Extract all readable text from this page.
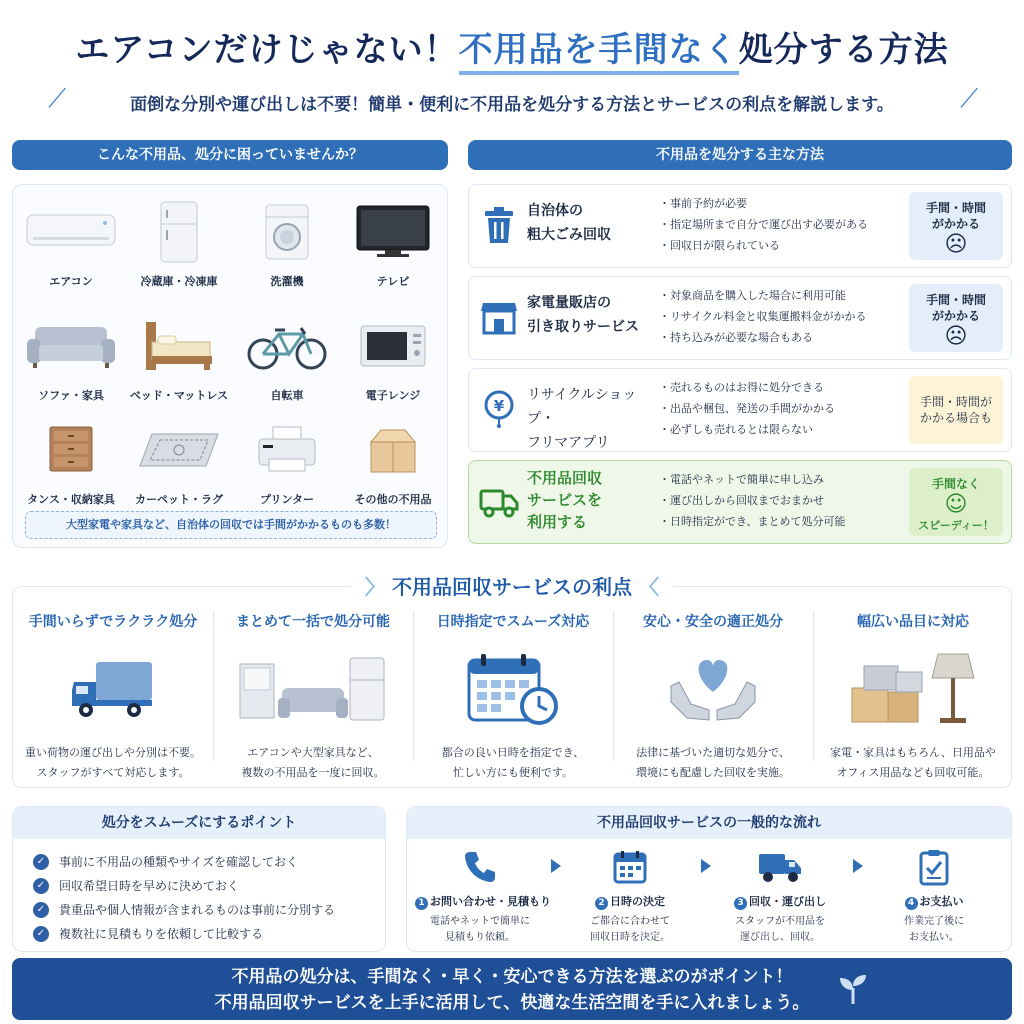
エアコンだけじゃない！不用品を手間なく処分する方法
⟋	⟋
面倒な分別や運び出しは不要！簡単・便利に不用品を処分する方法とサービスの利点を解説します。
こんな不用品、処分に困っていませんか？
エアコン	冷蔵庫・冷凍庫	洗濯機	テレビ
ソファ・家具	ベッド・マットレス	自転車	電子レンジ
タンス・収納家具	カーペット・ラグ	プリンター	その他の不用品
大型家電や家具など、自治体の回収では手間がかかるものも多数！
不用品を処分する主な方法
自治体の
粗大ごみ回収
・事前予約が必要
・指定場所まで自分で運び出す必要がある
・回収日が限られている
手間・時間
がかかる
☹
家電量販店の
引き取りサービス
・対象商品を購入した場合に利用可能
・リサイクル料金と収集運搬料金がかかる
・持ち込みが必要な場合もある
手間・時間
がかかる
☹
¥
リサイクルショップ・
フリマアプリ
・売れるものはお得に処分できる
・出品や梱包、発送の手間がかかる
・必ずしも売れるとは限らない
手間・時間が
かかる場合も
不用品回収
サービスを
利用する
・電話やネットで簡単に申し込み
・運び出しから回収までおまかせ
・日時指定ができ、まとめて処分可能
手間なく
☺
スピーディー！
手間いらずでラクラク処分
重い荷物の運び出しや分別は不要。
スタッフがすべて対応します。
まとめて一括で処分可能
エアコンや大型家具など、
複数の不用品を一度に回収。
日時指定でスムーズ対応
都合の良い日時を指定でき、
忙しい方にも便利です。
安心・安全の適正処分
法律に基づいた適切な処分で、
環境にも配慮した回収を実施。
幅広い品目に対応
家電・家具はもちろん、日用品や
オフィス用品なども回収可能。
〉 不用品回収サービスの利点 〈
処分をスムーズにするポイント
✓	事前に不用品の種類やサイズを確認しておく
✓	回収希望日時を早めに決めておく
✓	貴重品や個人情報が含まれるものは事前に分別する
✓	複数社に見積もりを依頼して比較する
不用品回収サービスの一般的な流れ
1 お問い合わせ・見積もり
電話やネットで簡単に
見積もり依頼。
2 日時の決定
ご都合に合わせて
回収日時を決定。
3 回収・運び出し
スタッフが不用品を
運び出し、回収。
4 お支払い
作業完了後に
お支払い。
不用品の処分は、手間なく・早く・安心できる方法を選ぶのがポイント！
不用品回収サービスを上手に活用して、快適な生活空間を手に入れましょう。
